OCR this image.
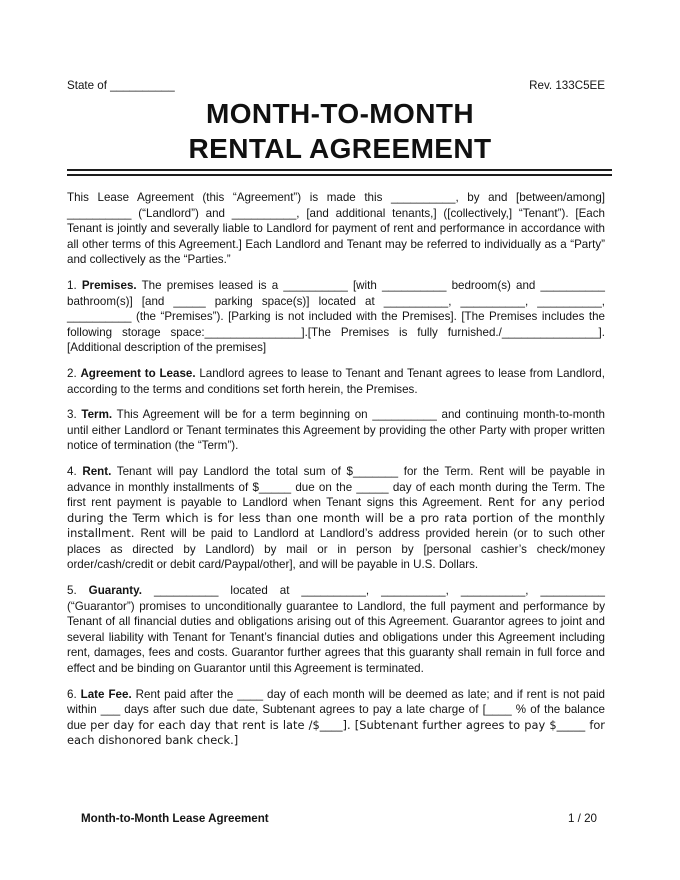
State of __________	Rev. 133C5EE
MONTH-TO-MONTH
RENTAL AGREEMENT

This Lease Agreement (this “Agreement”) is made this __________, by and [between/among] __________ (“Landlord”) and __________, [and additional tenants,] ([collectively,] “Tenant”). [Each Tenant is jointly and severally liable to Landlord for payment of rent and performance in accordance with all other terms of this Agreement.] Each Landlord and Tenant may be referred to individually as a “Party” and collectively as the “Parties.”

1. Premises. The premises leased is a __________ [with __________ bedroom(s) and __________ bathroom(s)] [and _____ parking space(s)] located at __________, __________, __________, __________ (the “Premises”). [Parking is not included with the Premises]. [The Premises includes the following storage space:_______________].[The Premises is fully furnished./_______________]. [Additional description of the premises]

2. Agreement to Lease. Landlord agrees to lease to Tenant and Tenant agrees to lease from Landlord, according to the terms and conditions set forth herein, the Premises.

3. Term. This Agreement will be for a term beginning on __________ and continuing month-to-month until either Landlord or Tenant terminates this Agreement by providing the other Party with proper written notice of termination (the “Term”).

4. Rent. Tenant will pay Landlord the total sum of $_______ for the Term. Rent will be payable in advance in monthly installments of $_____ due on the _____ day of each month during the Term. The first rent payment is payable to Landlord when Tenant signs this Agreement. Rent for any period during the Term which is for less than one month will be a pro rata portion of the monthly installment. Rent will be paid to Landlord at Landlord’s address provided herein (or to such other places as directed by Landlord) by mail or in person by [personal cashier’s check/money order/cash/credit or debit card/Paypal/other], and will be payable in U.S. Dollars.

5. Guaranty. __________ located at __________, __________, __________, __________ (“Guarantor”) promises to unconditionally guarantee to Landlord, the full payment and performance by Tenant of all financial duties and obligations arising out of this Agreement. Guarantor agrees to joint and several liability with Tenant for Tenant’s financial duties and obligations under this Agreement including rent, damages, fees and costs. Guarantor further agrees that this guaranty shall remain in full force and effect and be binding on Guarantor until this Agreement is terminated.

6. Late Fee. Rent paid after the ____ day of each month will be deemed as late; and if rent is not paid within ___ days after such due date, Subtenant agrees to pay a late charge of [____ % of the balance due per day for each day that rent is late /$____]. [Subtenant further agrees to pay $_____ for each dishonored bank check.]

Month-to-Month Lease Agreement	1 / 20
